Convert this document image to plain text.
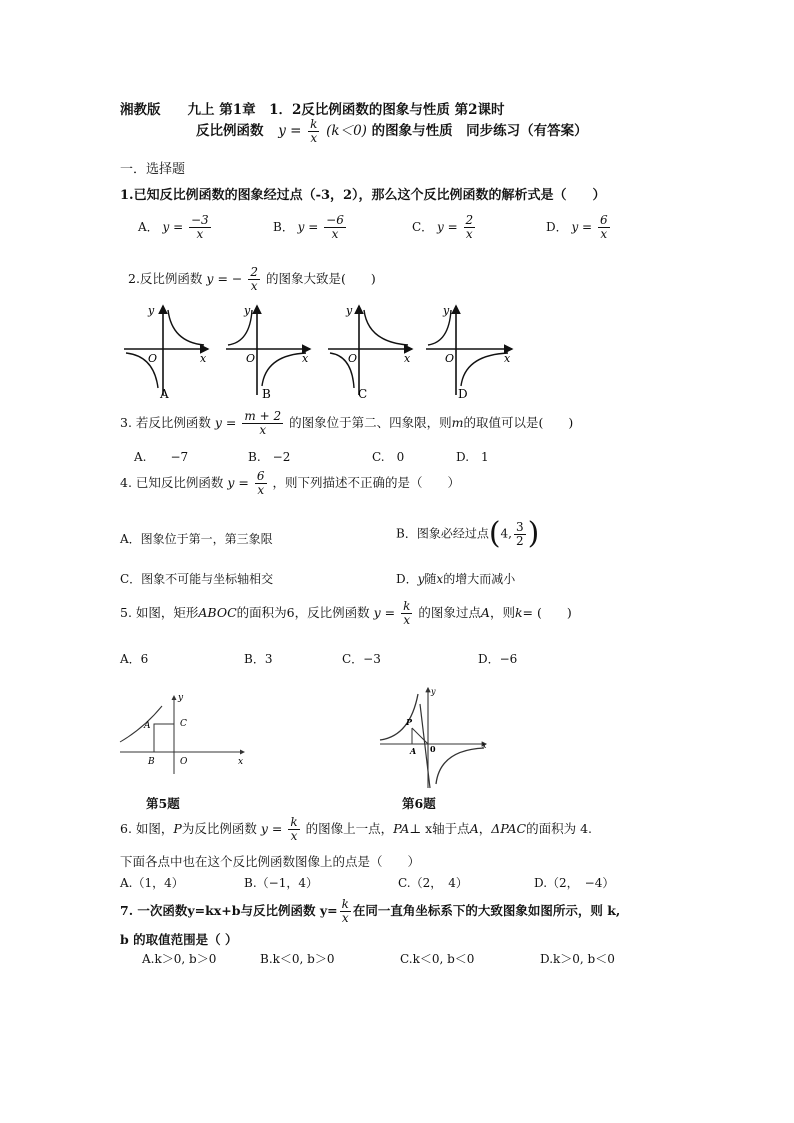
湘教版　　九上 第1章　1．2反比例函数的图象与性质 第2课时
反比例函数 $y = \frac{k}{x} (k<0)$ 的图象与性质　同步练习（有答案）
一．选择题
1.已知反比例函数的图象经过点（-3，2），那么这个反比例函数的解析式是（　　）
A． $y = \frac{-3}{x}$	B． $y = \frac{-6}{x}$	C． $y = \frac{2}{x}$	D． $y = \frac{6}{x}$
2.反比例函数 y = − $\frac{2}{x}$ 的图象大致是(　　)
y
O	x
A
y
O	x
B
y
O	x
C
y
O	x
D
3. 若反比例函数 $y = \frac{m + 2}{x}$ 的图象位于第二、四象限，则m的取值可以是(　　)
A.　　−7	B.　−2	C.　0	D.　1
4. 已知反比例函数 $y = \frac{6}{x}$ ，则下列描述不正确的是（　　）
A．图象位于第一，第三象限	B．图象必经过点(4, $\frac{3}{2}$ )
C．图象不可能与坐标轴相交	D．y随x的增大而减小
5. 如图，矩形ABOC的面积为6，反比例函数 $y = \frac{k}{x}$ 的图象过点A，则k= (　　)
A．6	B．3	C．−3	D．−6
A	C
B	O	x
y
第5题
P
A 0	x
y
第6题
6. 如图，P为反比例函数 $y = \frac{k}{x}$ 的图像上一点，PA⊥ x轴于点A，ΔPAC的面积为 4.
下面各点中也在这个反比例函数图像上的点是（　　）
A.（1，4）	B.（−1，4）	C.（2，　4）	D.（2，　−4）
7. 一次函数y=kx+b与反比例函数 $y= \frac{k}{x}$ 在同一直角坐标系下的大致图象如图所示，则 k,
b 的取值范围是（ ）
A.k＞0, b＞0	B.k＜0, b＞0	C.k＜0, b＜0	D.k＞0, b＜0
